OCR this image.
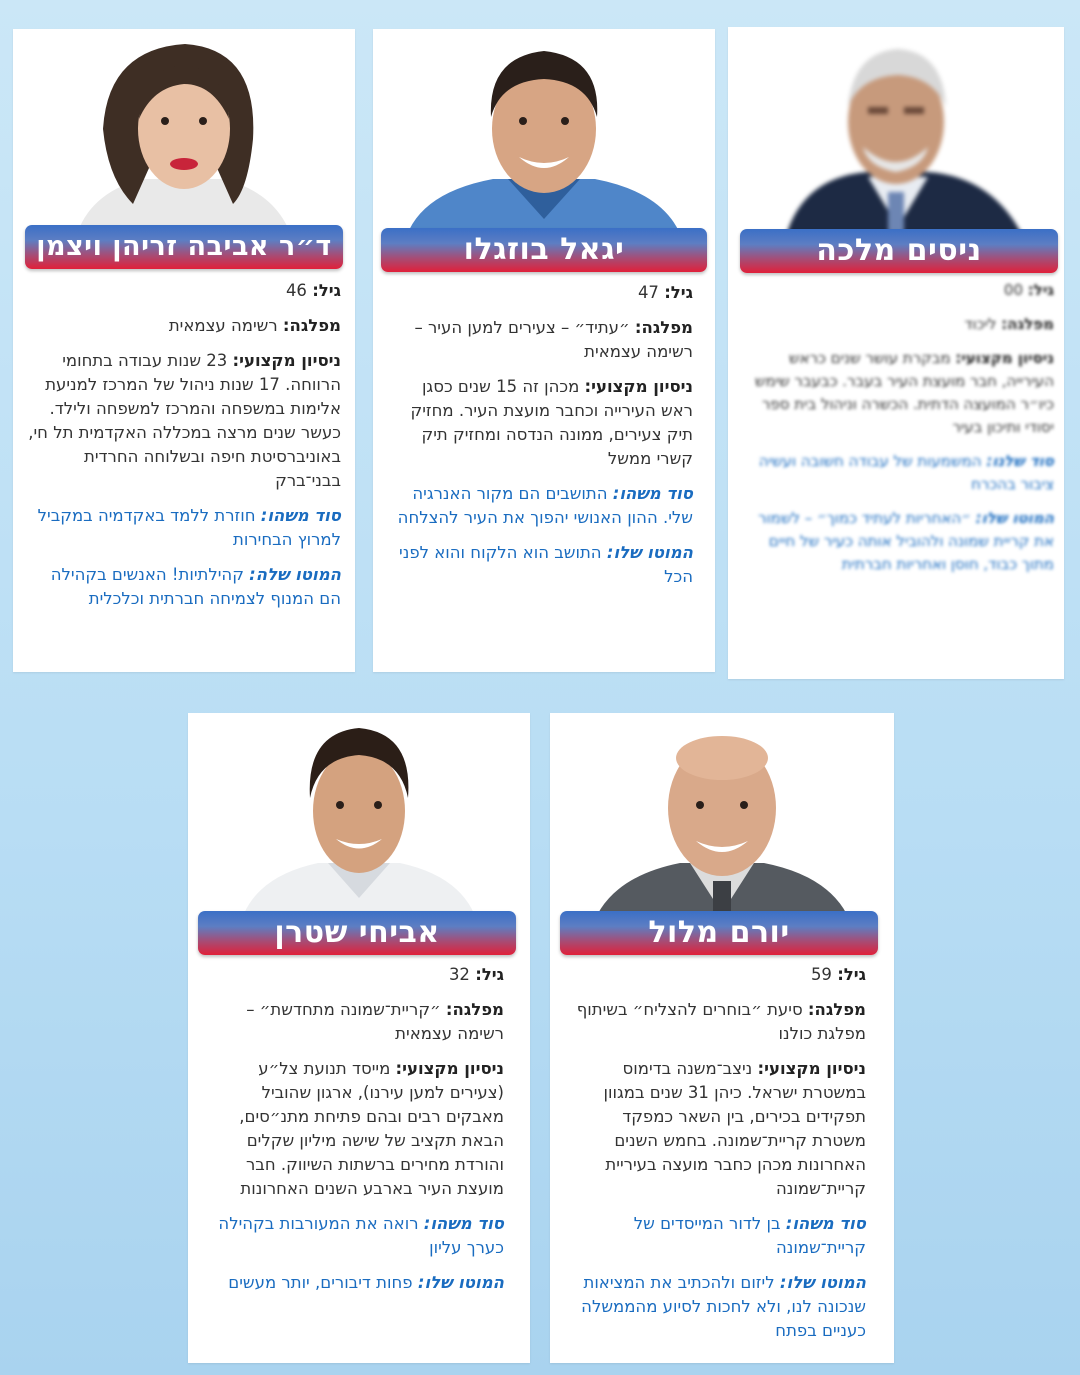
ניסים מלכה

גיל: 00

מפלגה: ליכוד

ניסיון מקצועי: מבקרת עושר שנים כראש העירייה, חבר מועצת העיר בעבר. כבעבר שימש כיו״ר המועצה הדתית. הכשרה וניהול בית ספר יסודי ותיכון בעיר

סוד שלנו: המשמעות של עבודה חשובה ועשיה ציבור בהכרח

המוטו שלו: ״האחריות לעתיד כמוך״ – לשמור את קריית שמונה ולהוביל אותה כעיר של חיים מתוך כבוד, חוסן ואחריות חברתית

יגאל בוזגלו

גיל: 47

מפלגה: ״עתיד״ – צעירים למען העיר – רשימה עצמאית

ניסיון מקצועי: מכהן זה 15 שנים כסגן ראש העירייה וכחבר מועצת העיר. מחזיק תיק צעירים, ממונה הנדסה ומחזיק תיק קשרי ממשל

סוד משהו: התושבים הם מקור האנרגיה שלי. ההון האנושי יהפוך את העיר להצלחה

המוטו שלו: התושב הוא הלקוח והוא לפני הכל

ד״ר אביבה זריהן ויצמן

גיל: 46

מפלגה: רשימה עצמאית

ניסיון מקצועי: 23 שנות עבודה בתחומי הרווחה. 17 שנות ניהול של המרכז למניעת אלימות במשפחה והמרכז למשפחה ולילד. כעשר שנים מרצה במכללה האקדמית תל חי, באוניברסיטת חיפה ובשלוחה החרדית בבני־ברק

סוד משהו: חוזרת ללמד באקדמיה במקביל למרוץ הבחירות

המוטו שלה: קהילתיות! האנשים בקהילה הם המנוף לצמיחה חברתית וכלכלית

יורם מלול

גיל: 59

מפלגה: סיעת ״בוחרים להצליח״ בשיתוף מפלגת כולנו

ניסיון מקצועי: ניצב־משנה בדימוס במשטרת ישראל. כיהן 31 שנים במגוון תפקידים בכירים, בין השאר כמפקד משטרת קריית־שמונה. בחמש השנים האחרונות מכהן כחבר מועצה בעיריית קריית־שמונה

סוד משהו: בן לדור המייסדים של קריית־שמונה

המוטו שלו: ליזום ולהכתיב את המציאות שנכונה לנו, ולא לחכות לסיוע מהממשלה כעניים בפתח

אביחי שטרן

גיל: 32

מפלגה: ״קריית־שמונה מתחדשת״ – רשימה עצמאית

ניסיון מקצועי: מייסד תנועת צל״ע (צעירים למען עירנו), ארגון שהוביל מאבקים רבים ובהם פתיחת מתנ״סים, הבאת תקציב של שישה מיליון שקלים והורדת מחירים ברשתות השיווק. חבר מועצת העיר בארבע השנים האחרונות

סוד משהו: רואה את המעורבות בקהילה כערך עליון

המוטו שלו: פחות דיבורים, יותר מעשים
